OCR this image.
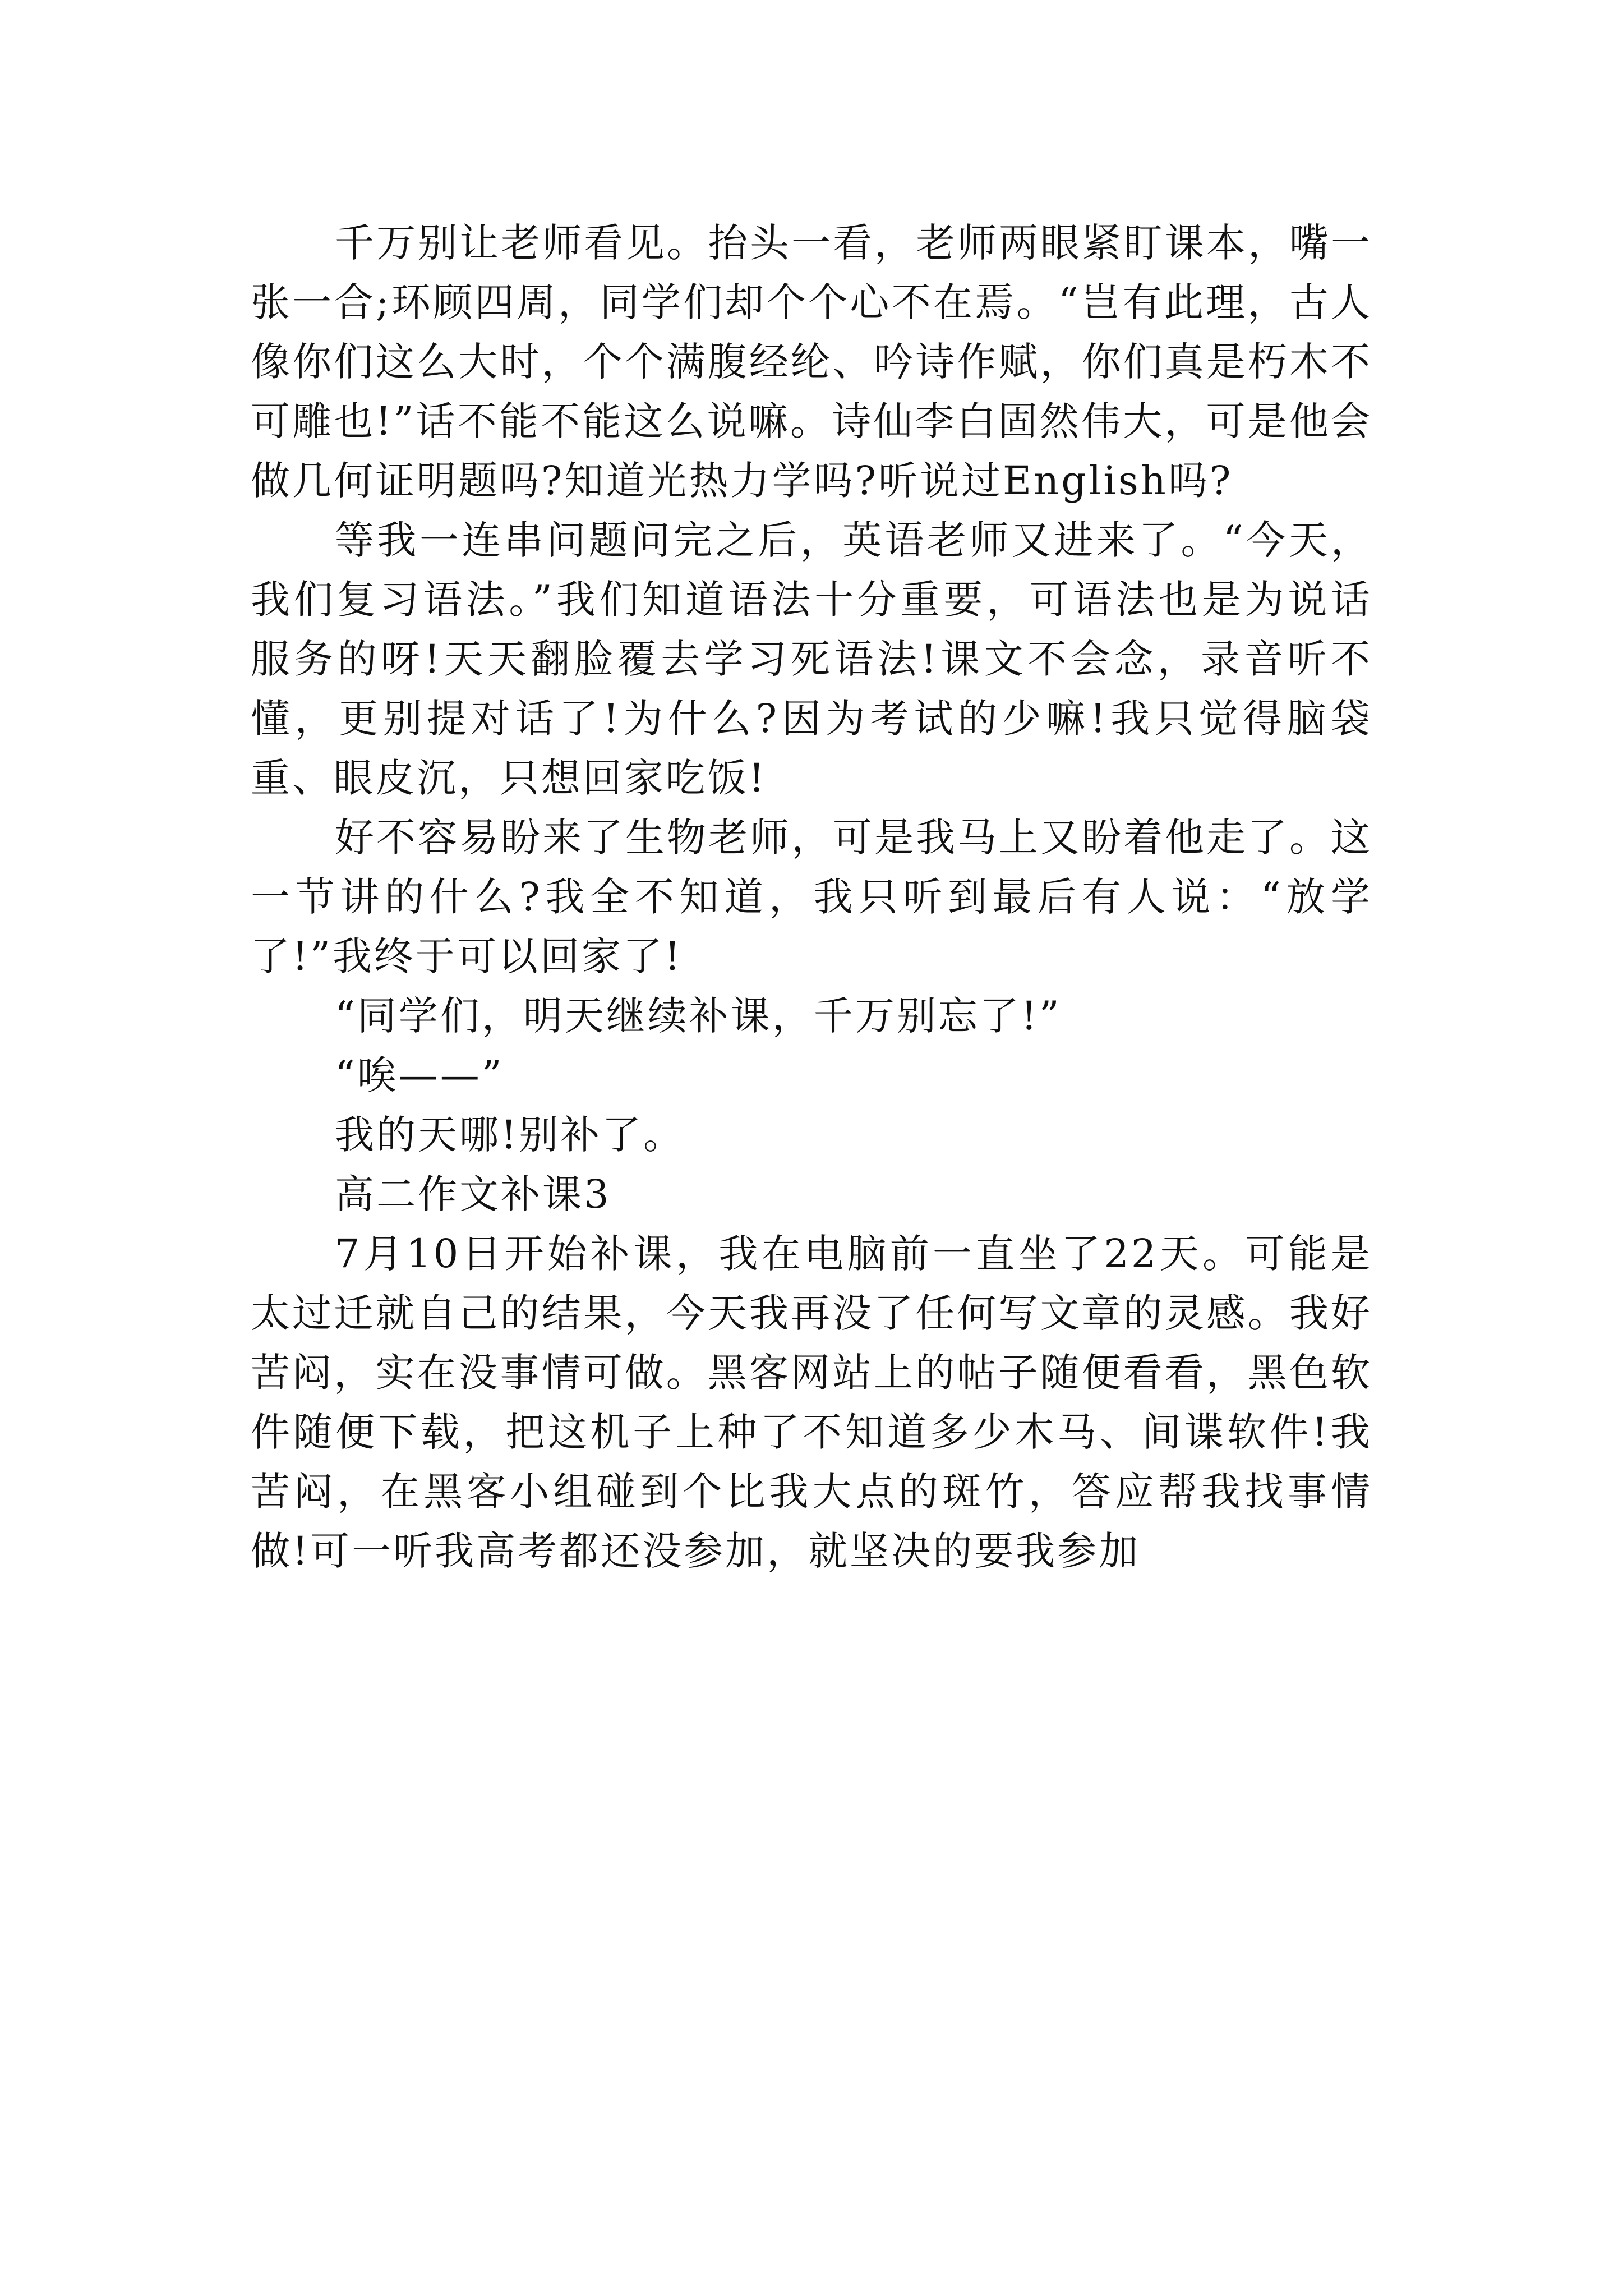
千万别让老师看见。抬头一看，老师两眼紧盯课本，嘴一张一合;环顾四周，同学们却个个心不在焉。“岂有此理，古人像你们这么大时，个个满腹经纶、吟诗作赋，你们真是朽木不可雕也!”话不能不能这么说嘛。诗仙李白固然伟大，可是他会做几何证明题吗?知道光热力学吗?听说过English吗?

等我一连串问题问完之后，英语老师又进来了。“今天，我们复习语法。”我们知道语法十分重要，可语法也是为说话服务的呀!天天翻脸覆去学习死语法!课文不会念，录音听不懂，更别提对话了!为什么?因为考试的少嘛!我只觉得脑袋重、眼皮沉，只想回家吃饭!

好不容易盼来了生物老师，可是我马上又盼着他走了。这一节讲的什么?我全不知道，我只听到最后有人说：“放学了!”我终于可以回家了!

“同学们，明天继续补课，千万别忘了!”

“唉——”

我的天哪!别补了。

高二作文补课3

7月10日开始补课，我在电脑前一直坐了22天。可能是太过迁就自己的结果，今天我再没了任何写文章的灵感。我好苦闷，实在没事情可做。黑客网站上的帖子随便看看，黑色软件随便下载，把这机子上种了不知道多少木马、间谍软件!我苦闷，在黑客小组碰到个比我大点的斑竹，答应帮我找事情做!可一听我高考都还没参加，就坚决的要我参加
